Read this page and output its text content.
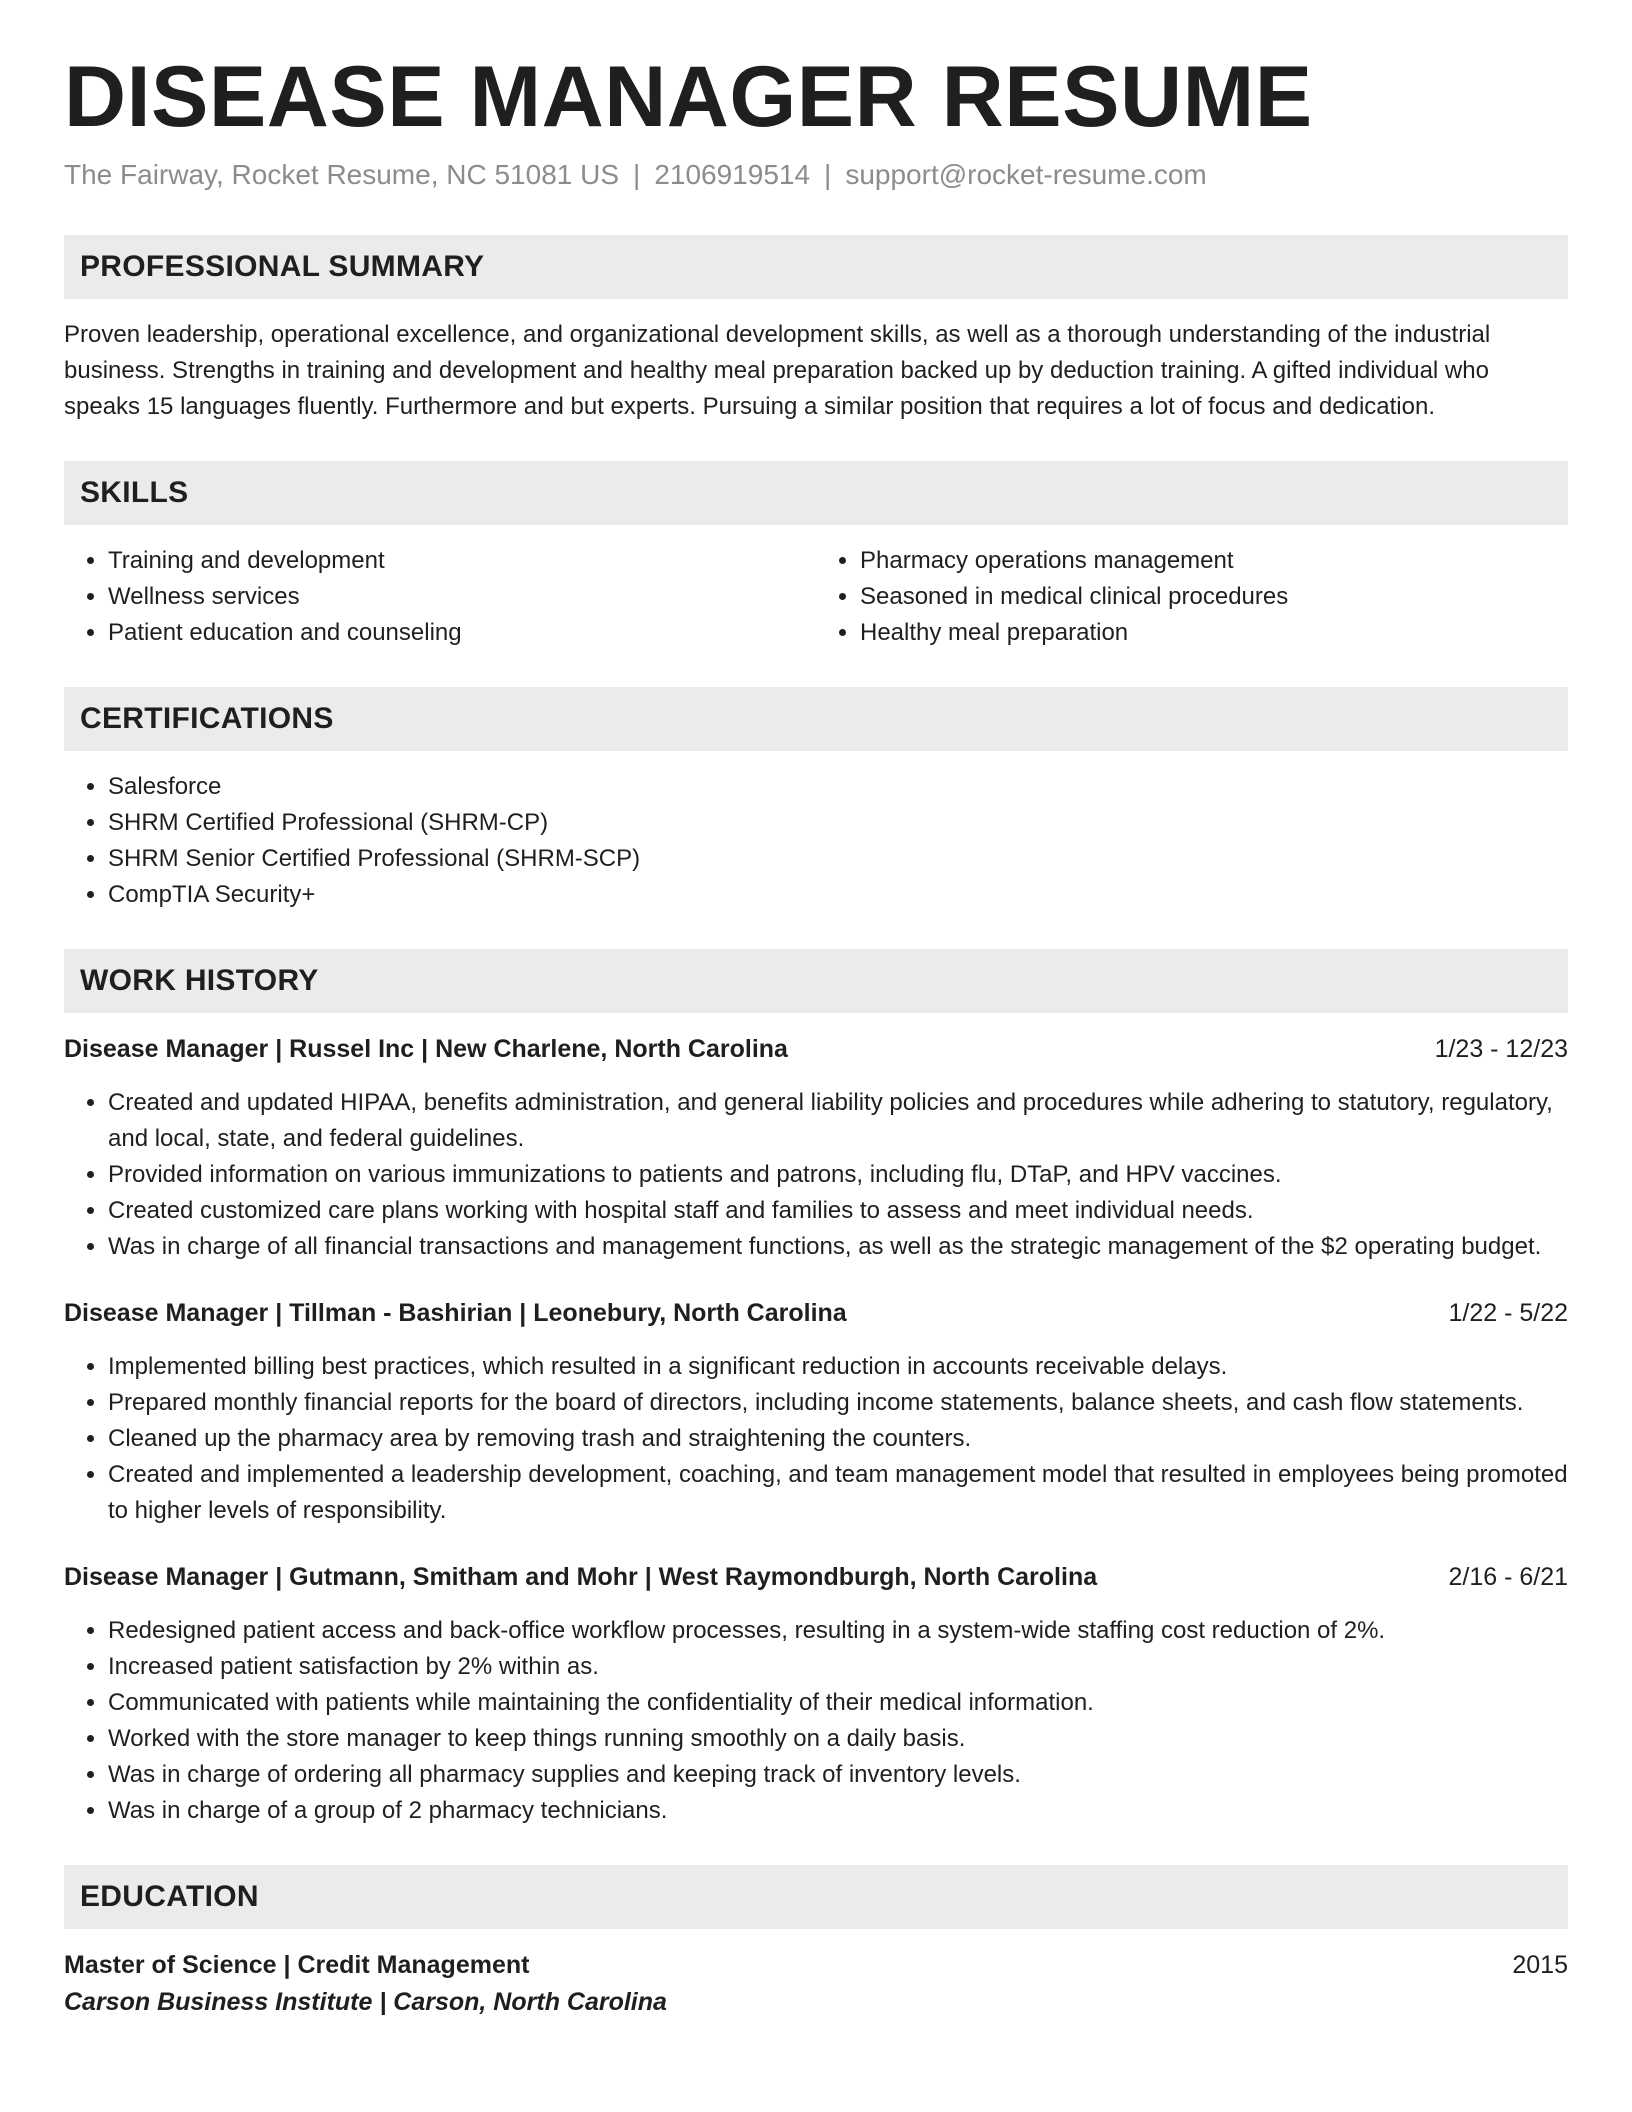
DISEASE MANAGER RESUME
The Fairway, Rocket Resume, NC 51081 US | 2106919514 | support@rocket-resume.com
PROFESSIONAL SUMMARY

Proven leadership, operational excellence, and organizational development skills, as well as a thorough understanding of the industrial business. Strengths in training and development and healthy meal preparation backed up by deduction training. A gifted individual who speaks 15 languages fluently. Furthermore and but experts. Pursuing a similar position that requires a lot of focus and dedication.

SKILLS
• Training and development
• Wellness services
• Patient education and counseling
• Pharmacy operations management
• Seasoned in medical clinical procedures
• Healthy meal preparation
CERTIFICATIONS
• Salesforce
• SHRM Certified Professional (SHRM-CP)
• SHRM Senior Certified Professional (SHRM-SCP)
• CompTIA Security+
WORK HISTORY
Disease Manager | Russel Inc | New Charlene, North Carolina	1/23 - 12/23
• Created and updated HIPAA, benefits administration, and general liability policies and procedures while adhering to statutory, regulatory, and local, state, and federal guidelines.
• Provided information on various immunizations to patients and patrons, including flu, DTaP, and HPV vaccines.
• Created customized care plans working with hospital staff and families to assess and meet individual needs.
• Was in charge of all financial transactions and management functions, as well as the strategic management of the $2 operating budget.
Disease Manager | Tillman - Bashirian | Leonebury, North Carolina	1/22 - 5/22
• Implemented billing best practices, which resulted in a significant reduction in accounts receivable delays.
• Prepared monthly financial reports for the board of directors, including income statements, balance sheets, and cash flow statements.
• Cleaned up the pharmacy area by removing trash and straightening the counters.
• Created and implemented a leadership development, coaching, and team management model that resulted in employees being promoted to higher levels of responsibility.
Disease Manager | Gutmann, Smitham and Mohr | West Raymondburgh, North Carolina	2/16 - 6/21
• Redesigned patient access and back-office workflow processes, resulting in a system-wide staffing cost reduction of 2%.
• Increased patient satisfaction by 2% within as.
• Communicated with patients while maintaining the confidentiality of their medical information.
• Worked with the store manager to keep things running smoothly on a daily basis.
• Was in charge of ordering all pharmacy supplies and keeping track of inventory levels.
• Was in charge of a group of 2 pharmacy technicians.
EDUCATION
Master of Science | Credit Management	2015
Carson Business Institute | Carson, North Carolina
